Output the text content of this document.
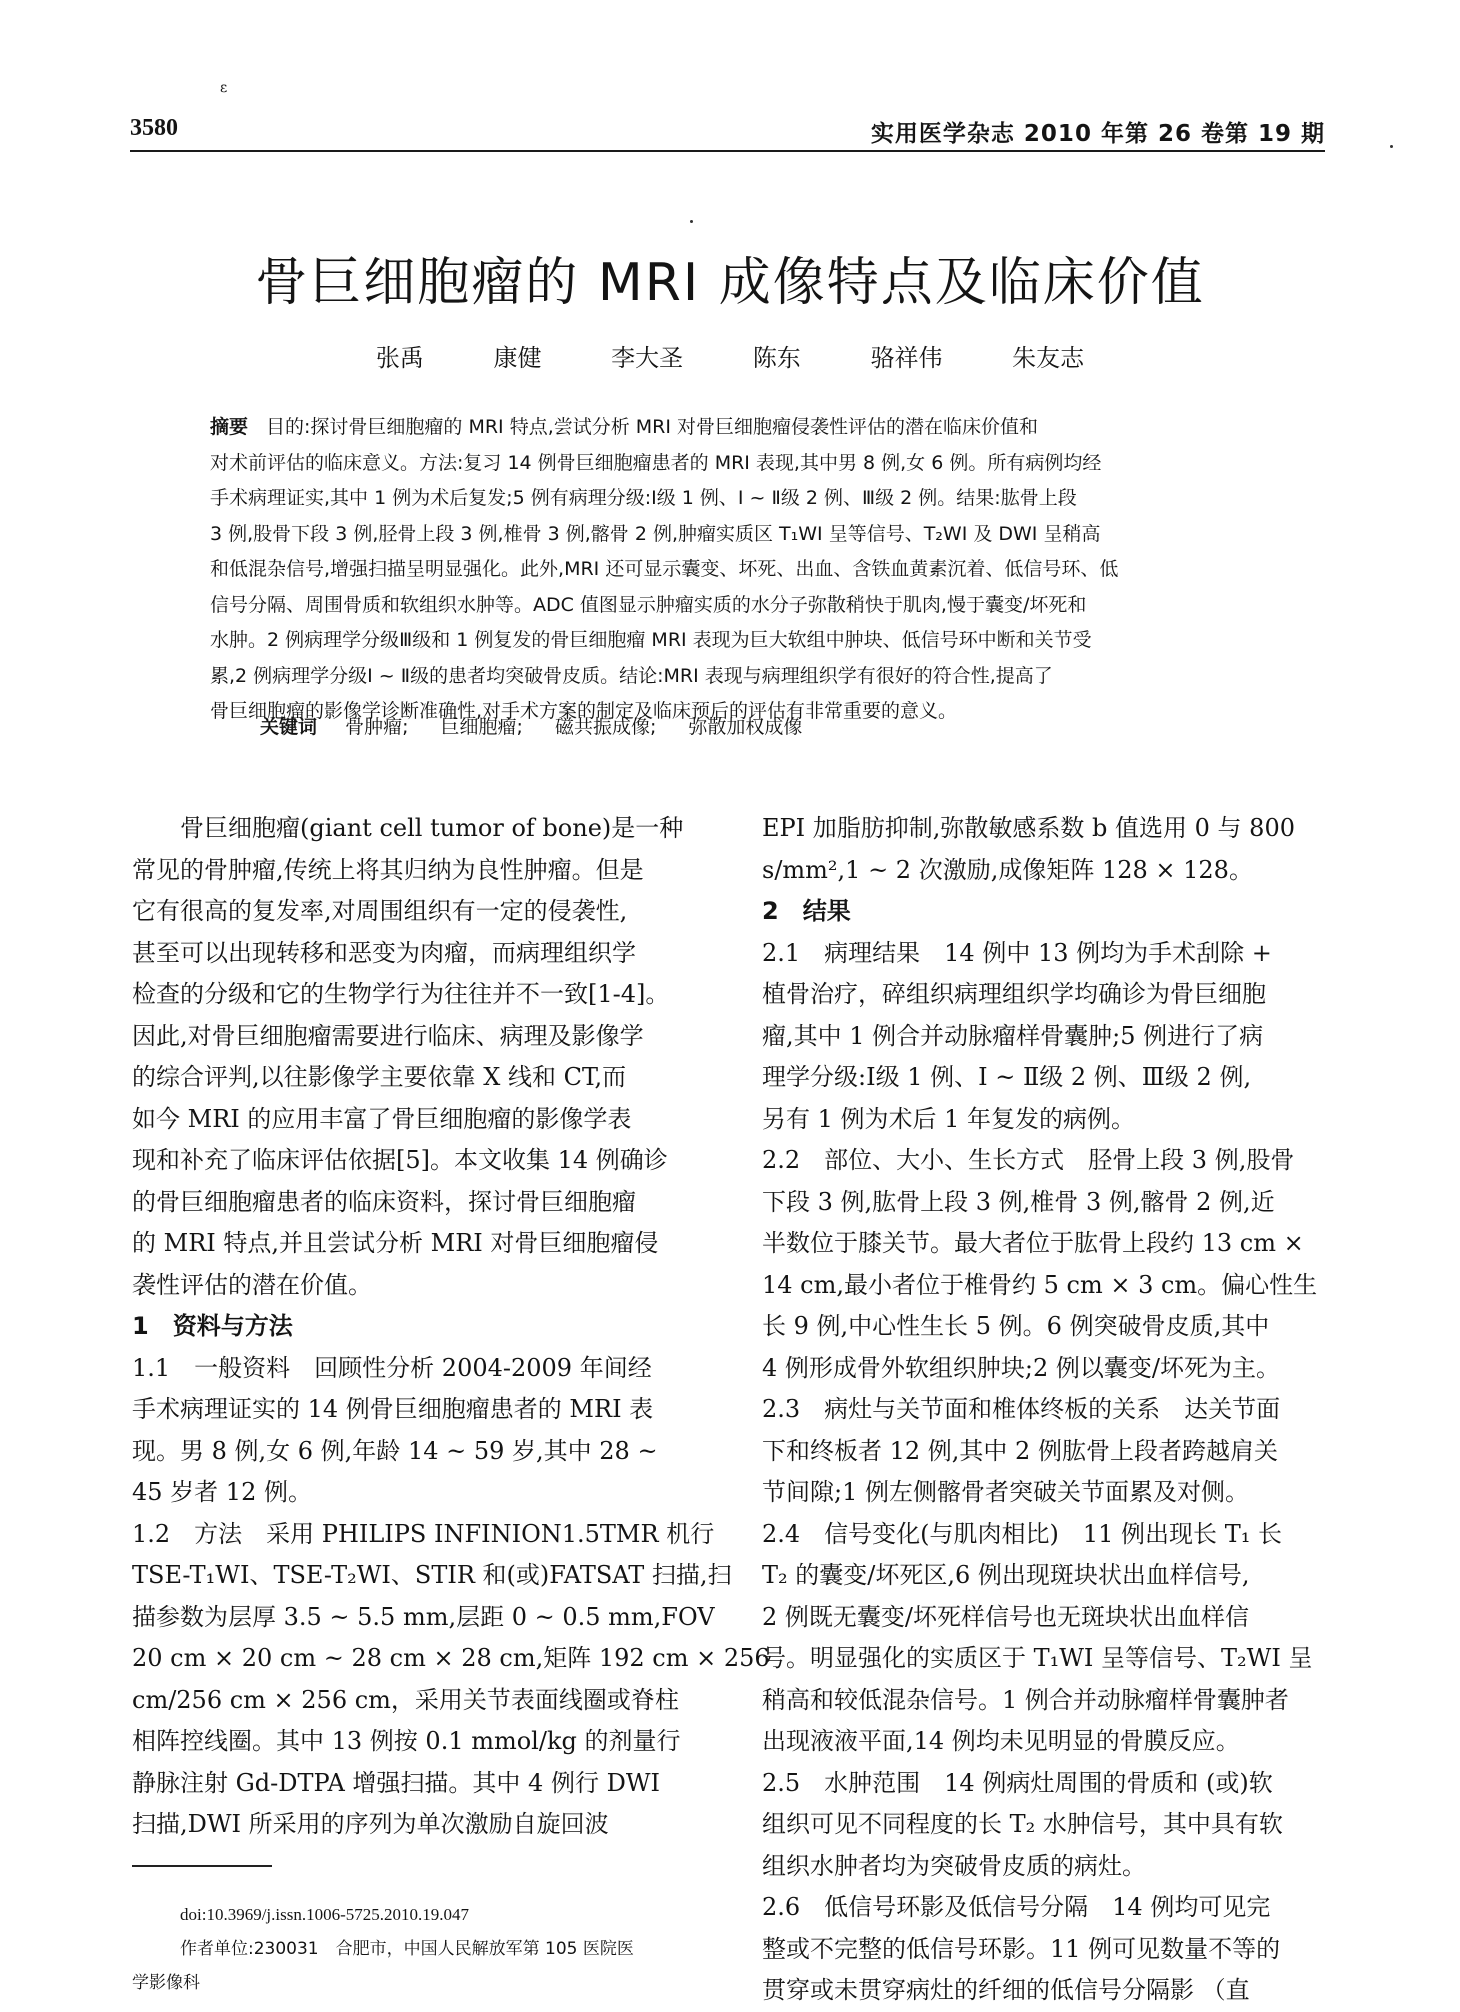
ε
3580	实用医学杂志 2010 年第 26 卷第 19 期
骨巨细胞瘤的 MRI 成像特点及临床价值
张禹	康健	李大圣	陈东	骆祥伟	朱友志
摘要 目的:探讨骨巨细胞瘤的 MRI 特点,尝试分析 MRI 对骨巨细胞瘤侵袭性评估的潜在临床价值和
对术前评估的临床意义。方法:复习 14 例骨巨细胞瘤患者的 MRI 表现,其中男 8 例,女 6 例。所有病例均经
手术病理证实,其中 1 例为术后复发;5 例有病理分级:Ⅰ级 1 例、Ⅰ ~ Ⅱ级 2 例、Ⅲ级 2 例。结果:肱骨上段
3 例,股骨下段 3 例,胫骨上段 3 例,椎骨 3 例,髂骨 2 例,肿瘤实质区 T₁WI 呈等信号、T₂WI 及 DWI 呈稍高
和低混杂信号,增强扫描呈明显强化。此外,MRI 还可显示囊变、坏死、出血、含铁血黄素沉着、低信号环、低
信号分隔、周围骨质和软组织水肿等。ADC 值图显示肿瘤实质的水分子弥散稍快于肌肉,慢于囊变/坏死和
水肿。2 例病理学分级Ⅲ级和 1 例复发的骨巨细胞瘤 MRI 表现为巨大软组中肿块、低信号环中断和关节受
累,2 例病理学分级Ⅰ ~ Ⅱ级的患者均突破骨皮质。结论:MRI 表现与病理组织学有很好的符合性,提高了
骨巨细胞瘤的影像学诊断准确性,对手术方案的制定及临床预后的评估有非常重要的意义。
关键词 骨肿瘤; 巨细胞瘤; 磁共振成像; 弥散加权成像
　　骨巨细胞瘤(giant cell tumor of bone)是一种
常见的骨肿瘤,传统上将其归纳为良性肿瘤。但是
它有很高的复发率,对周围组织有一定的侵袭性,
甚至可以出现转移和恶变为肉瘤，而病理组织学
检查的分级和它的生物学行为往往并不一致[1-4]。
因此,对骨巨细胞瘤需要进行临床、病理及影像学
的综合评判,以往影像学主要依靠 X 线和 CT,而
如今 MRI 的应用丰富了骨巨细胞瘤的影像学表
现和补充了临床评估依据[5]。本文收集 14 例确诊
的骨巨细胞瘤患者的临床资料，探讨骨巨细胞瘤
的 MRI 特点,并且尝试分析 MRI 对骨巨细胞瘤侵
袭性评估的潜在价值。
1　资料与方法
1.1　一般资料　回顾性分析 2004-2009 年间经
手术病理证实的 14 例骨巨细胞瘤患者的 MRI 表
现。男 8 例,女 6 例,年龄 14 ~ 59 岁,其中 28 ~
45 岁者 12 例。
1.2　方法　采用 PHILIPS INFINION1.5TMR 机行
TSE-T₁WI、TSE-T₂WI、STIR 和(或)FATSAT 扫描,扫
描参数为层厚 3.5 ~ 5.5 mm,层距 0 ~ 0.5 mm,FOV
20 cm × 20 cm ~ 28 cm × 28 cm,矩阵 192 cm × 256
cm/256 cm × 256 cm，采用关节表面线圈或脊柱
相阵控线圈。其中 13 例按 0.1 mmol/kg 的剂量行
静脉注射 Gd-DTPA 增强扫描。其中 4 例行 DWI
扫描,DWI 所采用的序列为单次激励自旋回波
EPI 加脂肪抑制,弥散敏感系数 b 值选用 0 与 800
s/mm²,1 ~ 2 次激励,成像矩阵 128 × 128。
2　结果
2.1　病理结果　14 例中 13 例均为手术刮除 +
植骨治疗，碎组织病理组织学均确诊为骨巨细胞
瘤,其中 1 例合并动脉瘤样骨囊肿;5 例进行了病
理学分级:Ⅰ级 1 例、Ⅰ ~ Ⅱ级 2 例、Ⅲ级 2 例,
另有 1 例为术后 1 年复发的病例。
2.2　部位、大小、生长方式　胫骨上段 3 例,股骨
下段 3 例,肱骨上段 3 例,椎骨 3 例,髂骨 2 例,近
半数位于膝关节。最大者位于肱骨上段约 13 cm ×
14 cm,最小者位于椎骨约 5 cm × 3 cm。偏心性生
长 9 例,中心性生长 5 例。6 例突破骨皮质,其中
4 例形成骨外软组织肿块;2 例以囊变/坏死为主。
2.3　病灶与关节面和椎体终板的关系　达关节面
下和终板者 12 例,其中 2 例肱骨上段者跨越肩关
节间隙;1 例左侧髂骨者突破关节面累及对侧。
2.4　信号变化(与肌肉相比)　11 例出现长 T₁ 长
T₂ 的囊变/坏死区,6 例出现斑块状出血样信号,
2 例既无囊变/坏死样信号也无斑块状出血样信
号。明显强化的实质区于 T₁WI 呈等信号、T₂WI 呈
稍高和较低混杂信号。1 例合并动脉瘤样骨囊肿者
出现液液平面,14 例均未见明显的骨膜反应。
2.5　水肿范围　14 例病灶周围的骨质和 (或)软
组织可见不同程度的长 T₂ 水肿信号，其中具有软
组织水肿者均为突破骨皮质的病灶。
2.6　低信号环影及低信号分隔　14 例均可见完
整或不完整的低信号环影。11 例可见数量不等的
贯穿或未贯穿病灶的纤细的低信号分隔影 （直
doi:10.3969/j.issn.1006-5725.2010.19.047
作者单位:230031　合肥市，中国人民解放军第 105 医院医
学影像科
